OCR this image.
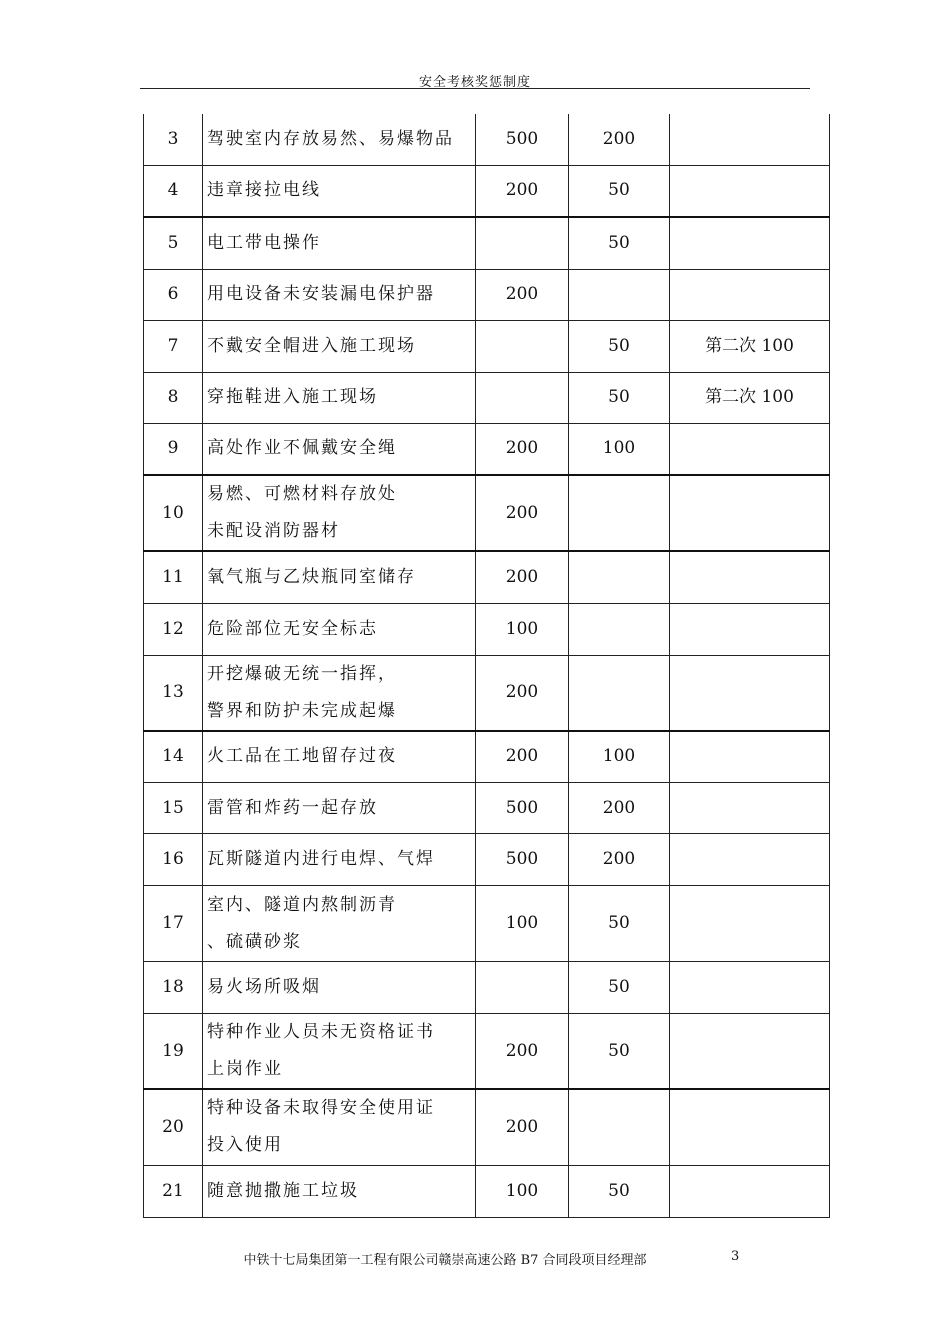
安全考核奖惩制度
3	驾驶室内存放易然、易爆物品	500	200	
4	违章接拉电线	200	50	
5	电工带电操作		50	
6	用电设备未安装漏电保护器	200		
7	不戴安全帽进入施工现场		50	第二次 100
8	穿拖鞋进入施工现场		50	第二次 100
9	高处作业不佩戴安全绳	200	100	
10	易燃、可燃材料存放处
未配设消防器材	200		
11	氧气瓶与乙炔瓶同室储存	200		
12	危险部位无安全标志	100		
13	开挖爆破无统一指挥，
警界和防护未完成起爆	200		
14	火工品在工地留存过夜	200	100	
15	雷管和炸药一起存放	500	200	
16	瓦斯隧道内进行电焊、气焊	500	200	
17	室内、隧道内熬制沥青
、硫磺砂浆	100	50	
18	易火场所吸烟		50	
19	特种作业人员未无资格证书
上岗作业	200	50	
20	特种设备未取得安全使用证
投入使用	200		
21	随意抛撒施工垃圾	100	50	
中铁十七局集团第一工程有限公司赣崇高速公路 B7 合同段项目经理部	3
